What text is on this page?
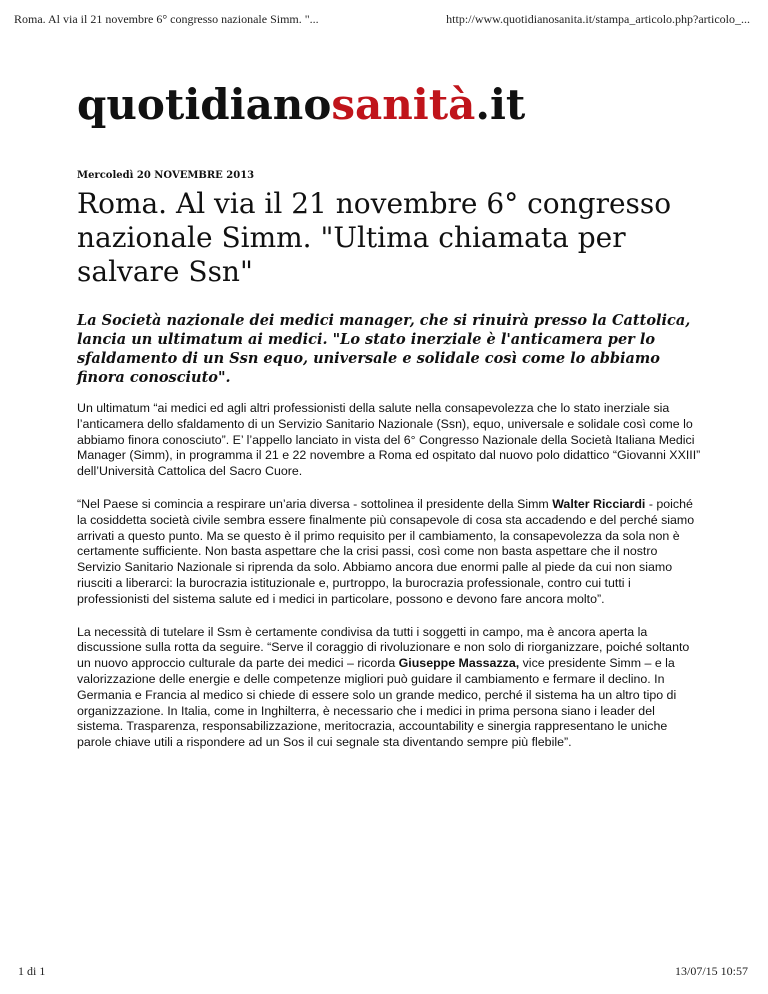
Roma. Al via il 21 novembre 6° congresso nazionale Simm. "...	http://www.quotidianosanita.it/stampa_articolo.php?articolo_...
quotidianosanità.it
Mercoledì 20 NOVEMBRE 2013
Roma. Al via il 21 novembre 6° congresso nazionale Simm. "Ultima chiamata per salvare Ssn"

La Società nazionale dei medici manager, che si rinuirà presso la Cattolica, lancia un ultimatum ai medici. "Lo stato inerziale è l'anticamera per lo sfaldamento di un Ssn equo, universale e solidale così come lo abbiamo finora conosciuto".

Un ultimatum “ai medici ed agli altri professionisti della salute nella consapevolezza che lo stato inerziale sia l’anticamera dello sfaldamento di un Servizio Sanitario Nazionale (Ssn), equo, universale e solidale così come lo abbiamo finora conosciuto”. E’ l’appello lanciato in vista del 6° Congresso Nazionale della Società Italiana Medici Manager (Simm), in programma il 21 e 22 novembre a Roma ed ospitato dal nuovo polo didattico “Giovanni XXIII” dell’Università Cattolica del Sacro Cuore.

“Nel Paese si comincia a respirare un’aria diversa - sottolinea il presidente della Simm Walter Ricciardi - poiché la cosiddetta società civile sembra essere finalmente più consapevole di cosa sta accadendo e del perché siamo arrivati a questo punto. Ma se questo è il primo requisito per il cambiamento, la consapevolezza da sola non è certamente sufficiente. Non basta aspettare che la crisi passi, così come non basta aspettare che il nostro Servizio Sanitario Nazionale si riprenda da solo. Abbiamo ancora due enormi palle al piede da cui non siamo riusciti a liberarci: la burocrazia istituzionale e, purtroppo, la burocrazia professionale, contro cui tutti i professionisti del sistema salute ed i medici in particolare, possono e devono fare ancora molto”.

La necessità di tutelare il Ssm è certamente condivisa da tutti i soggetti in campo, ma è ancora aperta la discussione sulla rotta da seguire. “Serve il coraggio di rivoluzionare e non solo di riorganizzare, poiché soltanto un nuovo approccio culturale da parte dei medici – ricorda Giuseppe Massazza, vice presidente Simm – e la valorizzazione delle energie e delle competenze migliori può guidare il cambiamento e fermare il declino. In Germania e Francia al medico si chiede di essere solo un grande medico, perché il sistema ha un altro tipo di organizzazione. In Italia, come in Inghilterra, è necessario che i medici in prima persona siano i leader del sistema. Trasparenza, responsabilizzazione, meritocrazia, accountability e sinergia rappresentano le uniche parole chiave utili a rispondere ad un Sos il cui segnale sta diventando sempre più flebile”.

1 di 1	13/07/15 10:57
